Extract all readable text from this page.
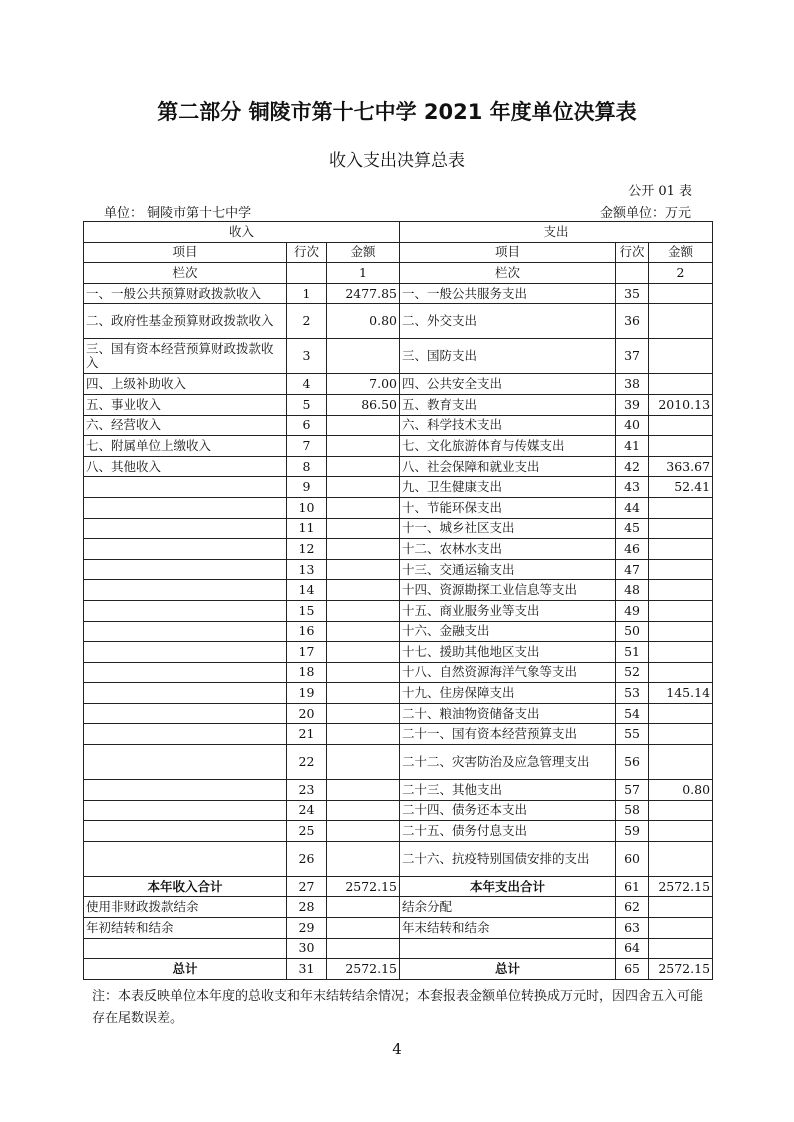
第二部分 铜陵市第十七中学 2021 年度单位决算表
收入支出决算总表
公开 01 表
单位： 铜陵市第十七中学	金额单位：万元
收入			支出		
项目	行次	金额	项目	行次	金额
栏次		1	栏次		2
一、一般公共预算财政拨款收入	1	2477.85	一、一般公共服务支出	35	
二、政府性基金预算财政拨款收入	2	0.80	二、外交支出	36	
三、国有资本经营预算财政拨款收入	3		三、国防支出	37	
四、上级补助收入	4	7.00	四、公共安全支出	38	
五、事业收入	5	86.50	五、教育支出	39	2010.13
六、经营收入	6		六、科学技术支出	40	
七、附属单位上缴收入	7		七、文化旅游体育与传媒支出	41	
八、其他收入	8		八、社会保障和就业支出	42	363.67
	9		九、卫生健康支出	43	52.41
	10		十、节能环保支出	44	
	11		十一、城乡社区支出	45	
	12		十二、农林水支出	46	
	13		十三、交通运输支出	47	
	14		十四、资源勘探工业信息等支出	48	
	15		十五、商业服务业等支出	49	
	16		十六、金融支出	50	
	17		十七、援助其他地区支出	51	
	18		十八、自然资源海洋气象等支出	52	
	19		十九、住房保障支出	53	145.14
	20		二十、粮油物资储备支出	54	
	21		二十一、国有资本经营预算支出	55	
	22		二十二、灾害防治及应急管理支出	56	
	23		二十三、其他支出	57	0.80
	24		二十四、债务还本支出	58	
	25		二十五、债务付息支出	59	
	26		二十六、抗疫特别国债安排的支出	60	
本年收入合计	27	2572.15	本年支出合计	61	2572.15
使用非财政拨款结余	28		结余分配	62	
年初结转和结余	29		年末结转和结余	63	
	30			64	
总计	31	2572.15	总计	65	2572.15
注：本表反映单位本年度的总收支和年末结转结余情况；本套报表金额单位转换成万元时，因四舍五入可能存在尾数误差。
4
